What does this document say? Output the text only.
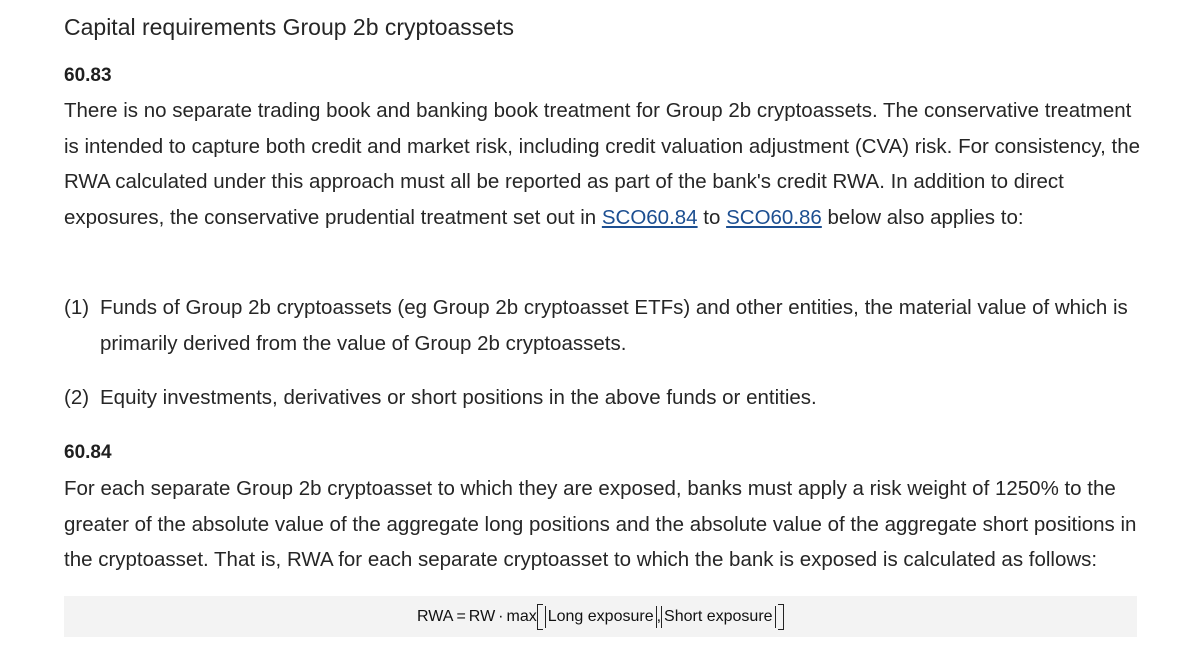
Capital requirements Group 2b cryptoassets
60.83
There is no separate trading book and banking book treatment for Group 2b cryptoassets. The conservative treatment is intended to capture both credit and market risk, including credit valuation adjustment (CVA) risk. For consistency, the RWA calculated under this approach must all be reported as part of the bank's credit RWA. In addition to direct exposures, the conservative prudential treatment set out in SCO60.84 to SCO60.86 below also applies to:
(1) Funds of Group 2b cryptoassets (eg Group 2b cryptoasset ETFs) and other entities, the material value of which is primarily derived from the value of Group 2b cryptoassets.
(2) Equity investments, derivatives or short positions in the above funds or entities.
60.84
For each separate Group 2b cryptoasset to which they are exposed, banks must apply a risk weight of 1250% to the greater of the absolute value of the aggregate long positions and the absolute value of the aggregate short positions in the cryptoasset. That is, RWA for each separate cryptoasset to which the bank is exposed is calculated as follows:
RWA = RW · max Long exposure , Short exposure
